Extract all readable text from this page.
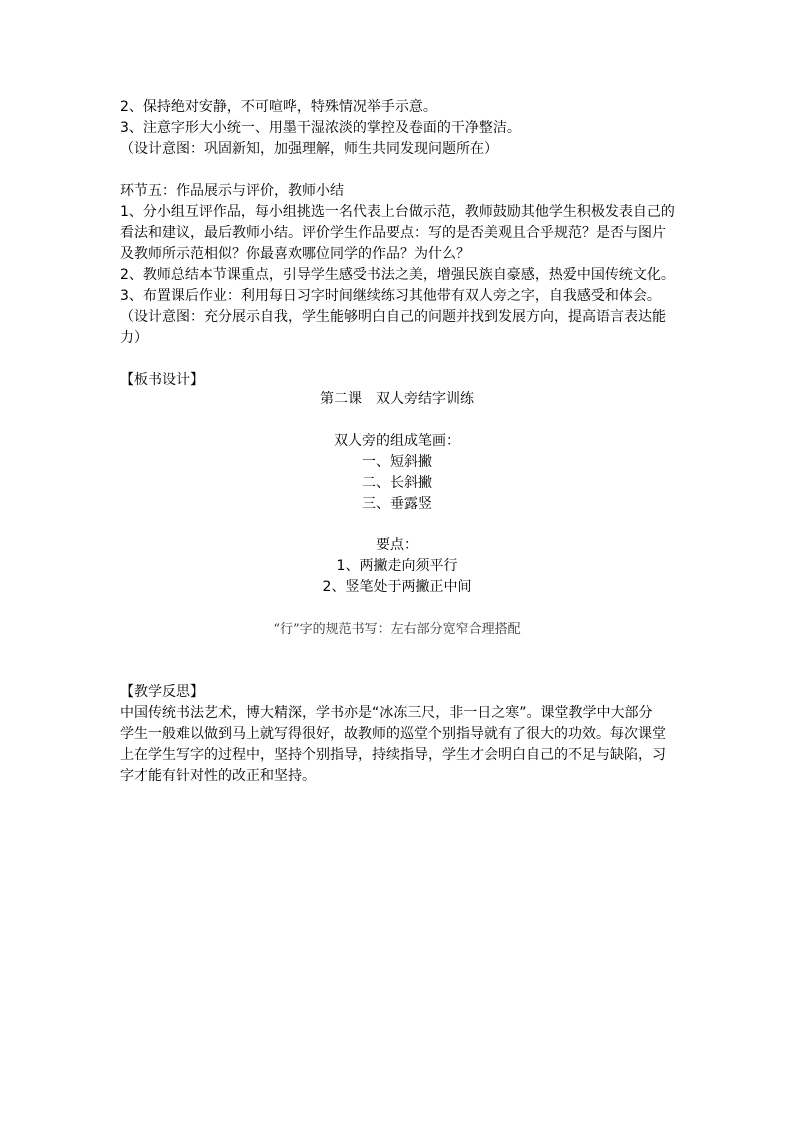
2、保持绝对安静，不可喧哗，特殊情况举手示意。
3、注意字形大小统一、用墨干湿浓淡的掌控及卷面的干净整洁。
（设计意图：巩固新知，加强理解，师生共同发现问题所在）
环节五：作品展示与评价，教师小结
1、分小组互评作品，每小组挑选一名代表上台做示范，教师鼓励其他学生积极发表自己的
看法和建议，最后教师小结。评价学生作品要点：写的是否美观且合乎规范？是否与图片
及教师所示范相似？你最喜欢哪位同学的作品？为什么？
2、教师总结本节课重点，引导学生感受书法之美，增强民族自豪感，热爱中国传统文化。
3、布置课后作业：利用每日习字时间继续练习其他带有双人旁之字，自我感受和体会。
（设计意图：充分展示自我，学生能够明白自己的问题并找到发展方向，提高语言表达能
力）
【板书设计】
第二课　双人旁结字训练
双人旁的组成笔画：
一、短斜撇
二、长斜撇
三、垂露竖
要点：
1、两撇走向须平行
2、竖笔处于两撇正中间
“行”字的规范书写：左右部分宽窄合理搭配
【教学反思】
中国传统书法艺术，博大精深，学书亦是“冰冻三尺，非一日之寒”。课堂教学中大部分
学生一般难以做到马上就写得很好，故教师的巡堂个别指导就有了很大的功效。每次课堂
上在学生写字的过程中，坚持个别指导，持续指导，学生才会明白自己的不足与缺陷，习
字才能有针对性的改正和坚持。
